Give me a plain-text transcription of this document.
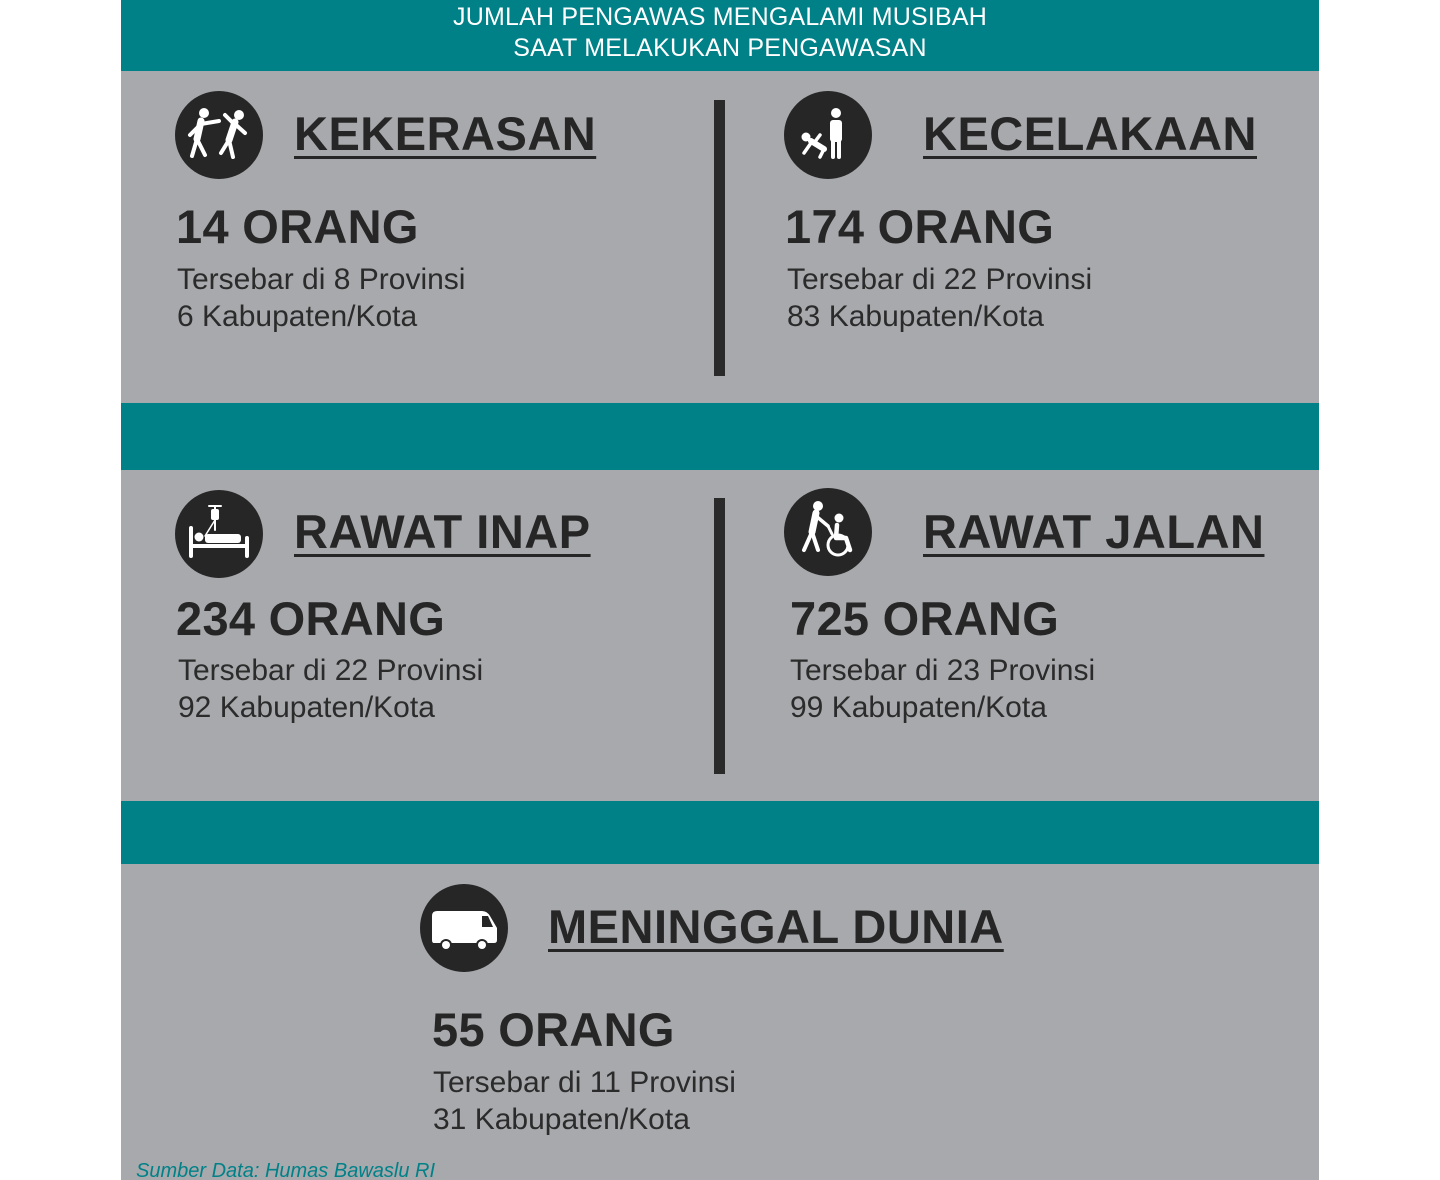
JUMLAH PENGAWAS MENGALAMI MUSIBAH
SAAT MELAKUKAN PENGAWASAN
KEKERASAN
14 ORANG
Tersebar di 8 Provinsi
6 Kabupaten/Kota
KECELAKAAN
174 ORANG
Tersebar di 22 Provinsi
83 Kabupaten/Kota
RAWAT INAP
234 ORANG
Tersebar di 22 Provinsi
92 Kabupaten/Kota
RAWAT JALAN
725 ORANG
Tersebar di 23 Provinsi
99 Kabupaten/Kota
MENINGGAL DUNIA
55 ORANG
Tersebar di 11 Provinsi
31 Kabupaten/Kota
Sumber Data: Humas Bawaslu RI
